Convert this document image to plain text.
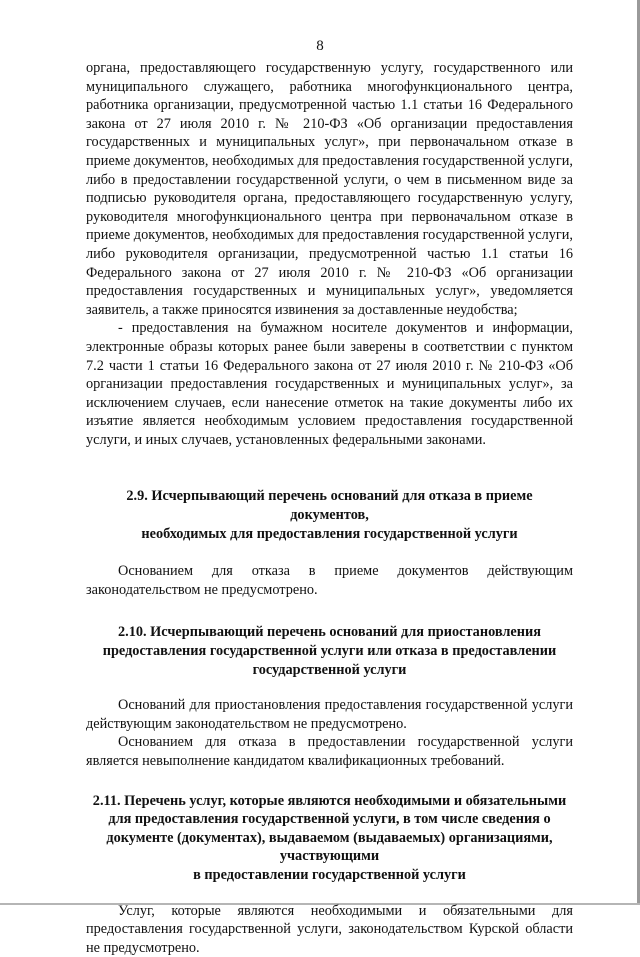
8

органа, предоставляющего государственную услугу, государственного или муниципального служащего, работника многофункционального центра, работника организации, предусмотренной частью 1.1 статьи 16 Федерального закона от 27 июля 2010 г. № 210-ФЗ «Об организации предоставления государственных и муниципальных услуг», при первоначальном отказе в приеме документов, необходимых для предоставления государственной услуги, либо в предоставлении государственной услуги, о чем в письменном виде за подписью руководителя органа, предоставляющего государственную услугу, руководителя многофункционального центра при первоначальном отказе в приеме документов, необходимых для предоставления государственной услуги, либо руководителя организации, предусмотренной частью 1.1 статьи 16 Федерального закона от 27 июля 2010 г. № 210-ФЗ «Об организации предоставления государственных и муниципальных услуг», уведомляется заявитель, а также приносятся извинения за доставленные неудобства;

- предоставления на бумажном носителе документов и информации, электронные образы которых ранее были заверены в соответствии с пунктом 7.2 части 1 статьи 16 Федерального закона от 27 июля 2010 г. № 210-ФЗ «Об организации предоставления государственных и муниципальных услуг», за исключением случаев, если нанесение отметок на такие документы либо их изъятие является необходимым условием предоставления государственной услуги, и иных случаев, установленных федеральными законами.

2.9. Исчерпывающий перечень оснований для отказа в приеме документов,
необходимых для предоставления государственной услуги

Основанием для отказа в приеме документов действующим законодательством не предусмотрено.

2.10. Исчерпывающий перечень оснований для приостановления
предоставления государственной услуги или отказа в предоставлении
государственной услуги

Оснований для приостановления предоставления государственной услуги действующим законодательством не предусмотрено.

Основанием для отказа в предоставлении государственной услуги является невыполнение кандидатом квалификационных требований.

2.11. Перечень услуг, которые являются необходимыми и обязательными
для предоставления государственной услуги, в том числе сведения о
документе (документах), выдаваемом (выдаваемых) организациями,
участвующими
в предоставлении государственной услуги

Услуг, которые являются необходимыми и обязательными для предоставления государственной услуги, законодательством Курской области не предусмотрено.
